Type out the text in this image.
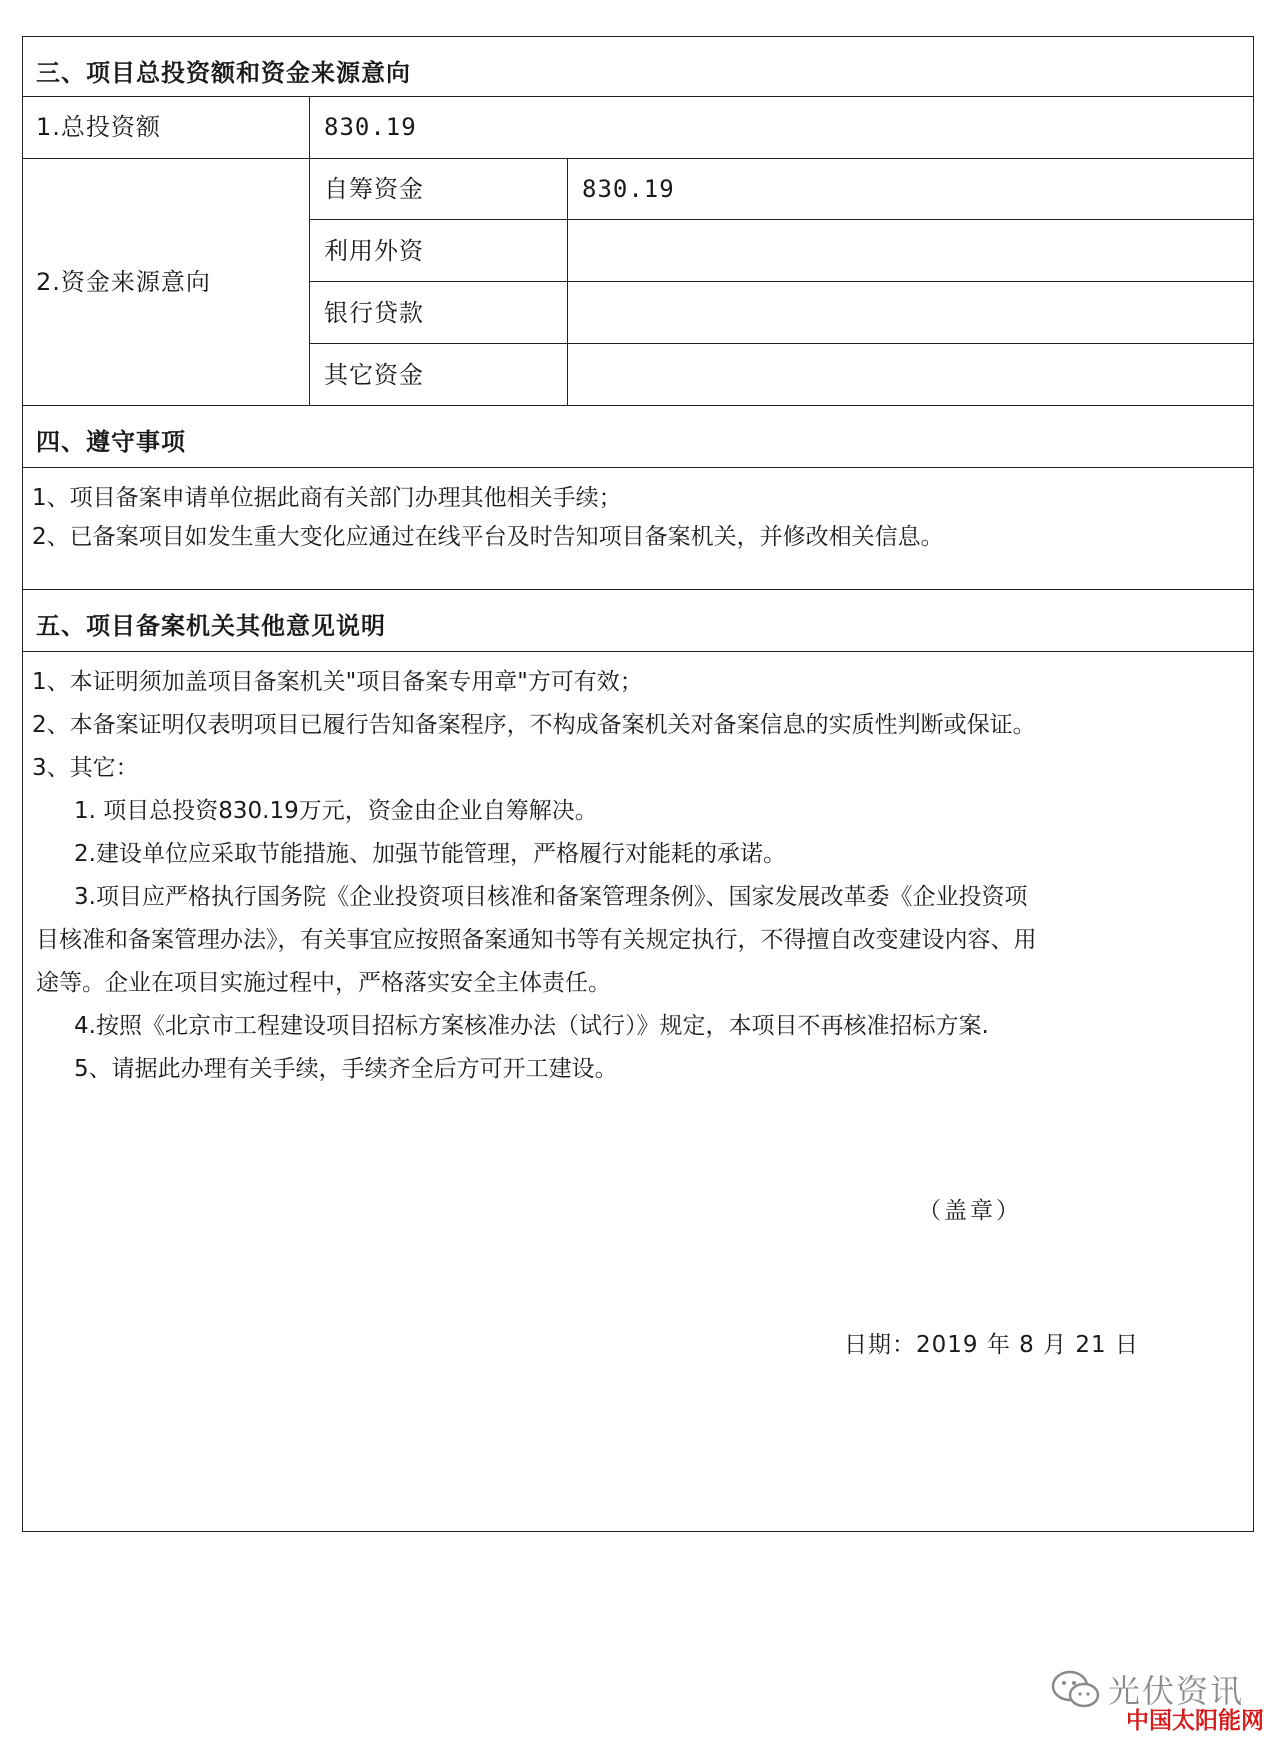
三、项目总投资额和资金来源意向
1.总投资额	830.19
2.资金来源意向
自筹资金	830.19
利用外资
银行贷款
其它资金
四、遵守事项
1、项目备案申请单位据此商有关部门办理其他相关手续；
2、已备案项目如发生重大变化应通过在线平台及时告知项目备案机关，并修改相关信息。
五、项目备案机关其他意见说明
1、本证明须加盖项目备案机关"项目备案专用章"方可有效；
2、本备案证明仅表明项目已履行告知备案程序，不构成备案机关对备案信息的实质性判断或保证。
3、其它：
1. 项目总投资830.19万元，资金由企业自筹解决。
2.建设单位应采取节能措施、加强节能管理，严格履行对能耗的承诺。
3.项目应严格执行国务院《企业投资项目核准和备案管理条例》、国家发展改革委《企业投资项
目核准和备案管理办法》，有关事宜应按照备案通知书等有关规定执行，不得擅自改变建设内容、用
途等。企业在项目实施过程中，严格落实安全主体责任。
4.按照《北京市工程建设项目招标方案核准办法（试行）》规定，本项目不再核准招标方案.
5、请据此办理有关手续，手续齐全后方可开工建设。
（盖章）
日期：2019 年 8 月 21 日
光伏资讯
中国太阳能网
